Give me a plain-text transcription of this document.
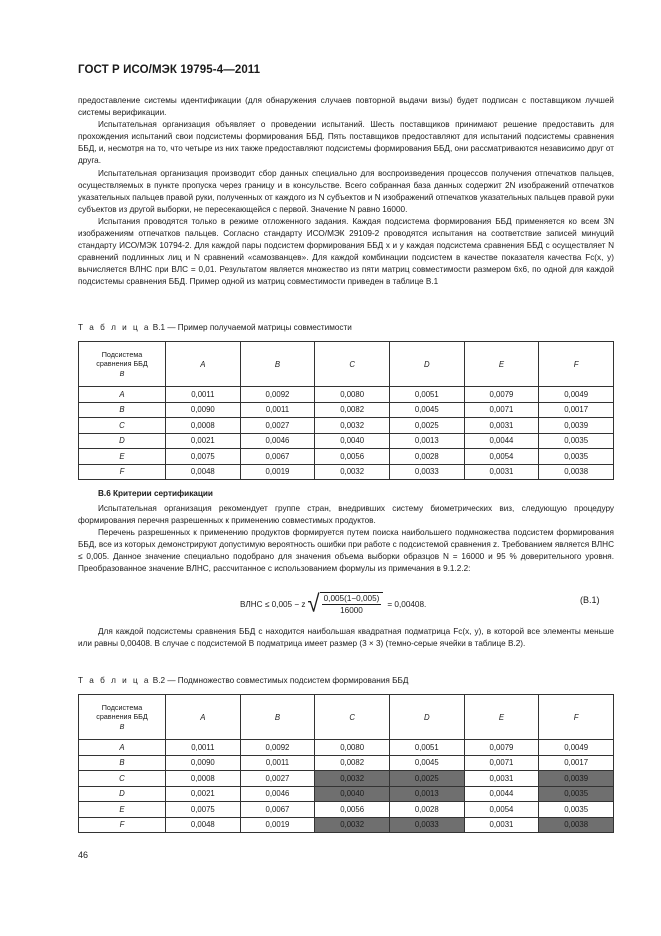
ГОСТ Р ИСО/МЭК 19795-4—2011

предоставление системы идентификации (для обнаружения случаев повторной выдачи визы) будет подписан с поставщиком лучшей системы верификации.

Испытательная организация объявляет о проведении испытаний. Шесть поставщиков принимают решение предоставить для прохождения испытаний свои подсистемы формирования ББД. Пять поставщиков предоставляют для испытаний подсистемы сравнения ББД, и, несмотря на то, что четыре из них также предоставляют подсистемы формирования ББД, они рассматриваются независимо друг от друга.

Испытательная организация производит сбор данных специально для воспроизведения процессов получения отпечатков пальцев, осуществляемых в пункте пропуска через границу и в консульстве. Всего собранная база данных содержит 2N изображений отпечатков указательных пальцев правой руки, полученных от каждого из N субъектов и N изображений отпечатков указательных пальцев правой руки субъектов из другой выборки, не пересекающейся с первой. Значение N равно 16000.

Испытания проводятся только в режиме отложенного задания. Каждая подсистема формирования ББД применяется ко всем 3N изображениям отпечатков пальцев. Согласно стандарту ИСО/МЭК 29109-2 проводятся испытания на соответствие записей минуций стандарту ИСО/МЭК 10794-2. Для каждой пары подсистем формирования ББД x и y каждая подсистема сравнения ББД c осуществляет N сравнений подлинных лиц и N сравнений «самозванцев». Для каждой комбинации подсистем в качестве показателя качества Fc(x, y) вычисляется ВЛНС при ВЛС = 0,01. Результатом является множество из пяти матриц совместимости размером 6x6, по одной для каждой подсистемы сравнения ББД. Пример одной из матриц совместимости приведен в таблице В.1

Т а б л и ц а В.1 — Пример получаемой матрицы совместимости
Подсистема
сравнения ББД
B	A	B	C	D	E	F
A	0,0011	0,0092	0,0080	0,0051	0,0079	0,0049
B	0,0090	0,0011	0,0082	0,0045	0,0071	0,0017
C	0,0008	0,0027	0,0032	0,0025	0,0031	0,0039
D	0,0021	0,0046	0,0040	0,0013	0,0044	0,0035
E	0,0075	0,0067	0,0056	0,0028	0,0054	0,0035
F	0,0048	0,0019	0,0032	0,0033	0,0031	0,0038
В.6 Критерии сертификации

Испытательная организация рекомендует группе стран, внедривших систему биометрических виз, следующую процедуру формирования перечня разрешенных к применению совместимых продуктов.

Перечень разрешенных к применению продуктов формируется путем поиска наибольшего подмножества подсистем формирования ББД, все из которых демонстрируют допустимую вероятность ошибки при работе с подсистемой сравнения z. Требованием является ВЛНС ≤ 0,005. Данное значение специально подобрано для значения объема выборки образцов N = 16000 и 95 % доверительного уровня. Преобразованное значение ВЛНС, рассчитанное с использованием формулы из примечания в 9.1.2.2:

ВЛНС ≤ 0,005 − z √ $\frac{0,005(1-0,005)}{16000} = 0,00408$.	(В.1)

Для каждой подсистемы сравнения ББД c находится наибольшая квадратная подматрица Fc(x, y), в которой все элементы меньше или равны 0,00408. В случае с подсистемой B подматрица имеет размер (3 × 3) (темно-серые ячейки в таблице В.2).

Т а б л и ц а В.2 — Подмножество совместимых подсистем формирования ББД
Подсистема
сравнения ББД
B	A	B	C	D	E	F
A	0,0011	0,0092	0,0080	0,0051	0,0079	0,0049
B	0,0090	0,0011	0,0082	0,0045	0,0071	0,0017
C	0,0008	0,0027	0,0032	0,0025	0,0031	0,0039
D	0,0021	0,0046	0,0040	0,0013	0,0044	0,0035
E	0,0075	0,0067	0,0056	0,0028	0,0054	0,0035
F	0,0048	0,0019	0,0032	0,0033	0,0031	0,0038
46
